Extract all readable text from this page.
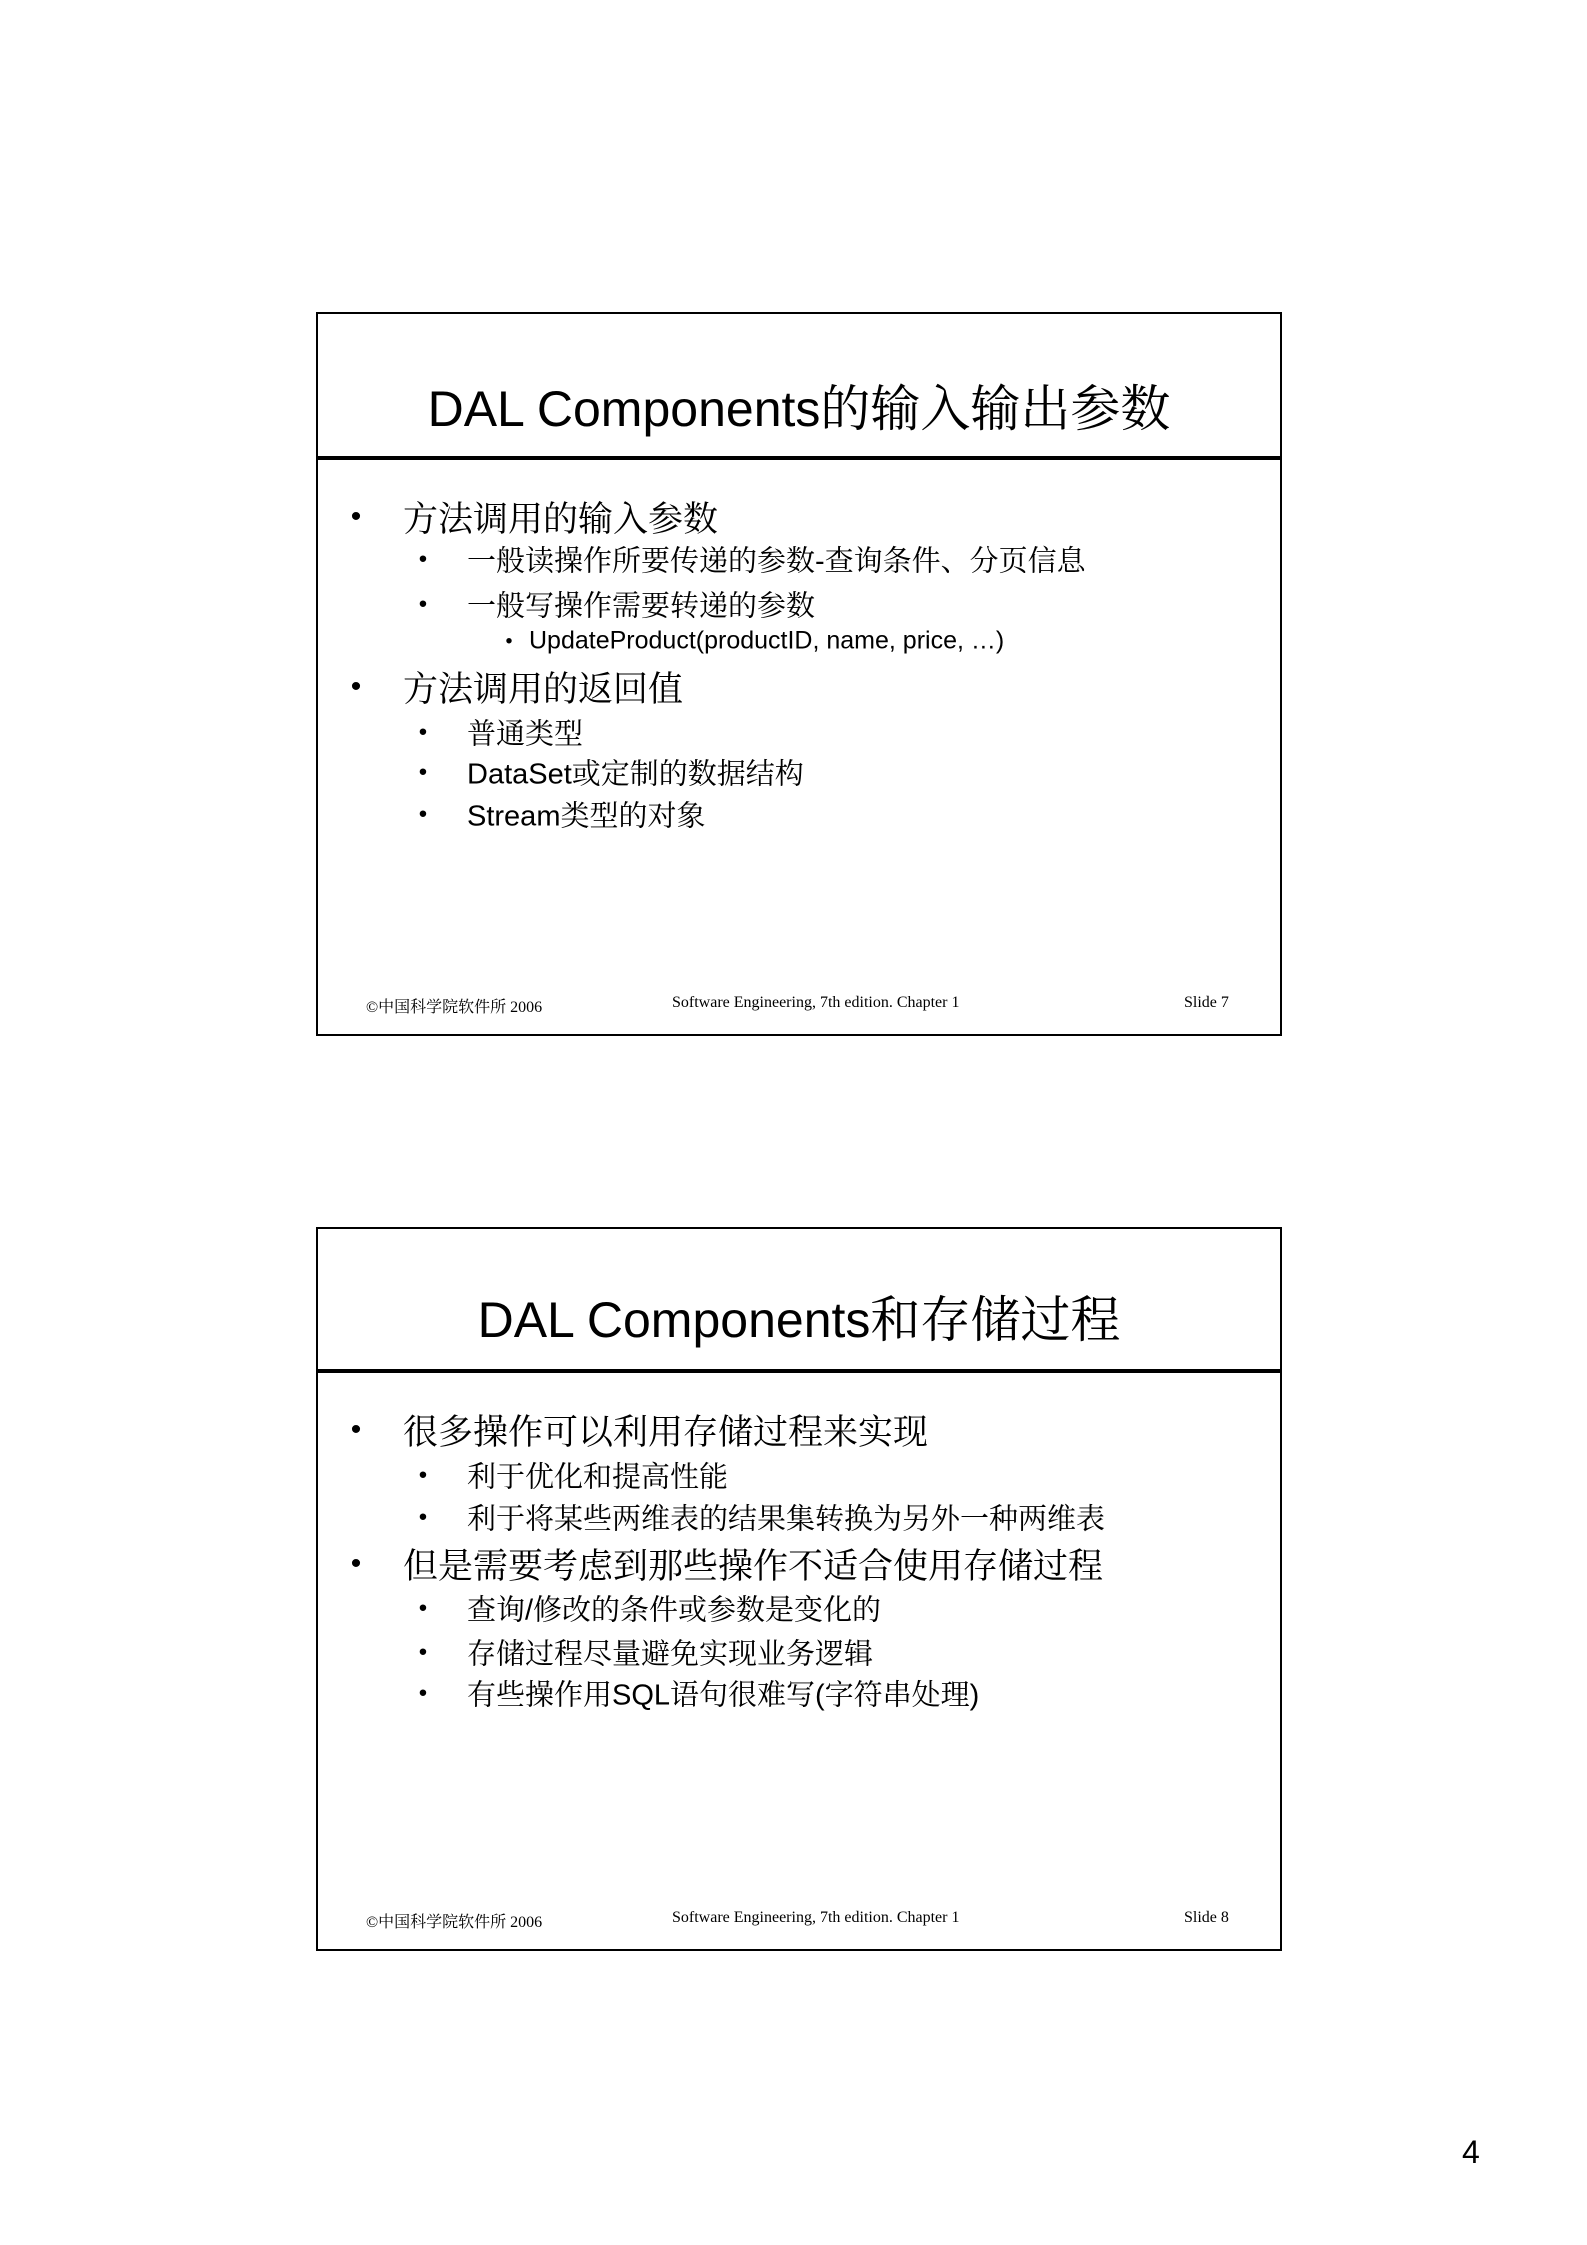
DAL Components的输入输出参数
• 方法调用的输入参数
• 一般读操作所要传递的参数-查询条件、分页信息
• 一般写操作需要转递的参数
• UpdateProduct(productID, name, price, …)
• 方法调用的返回值
• 普通类型
• DataSet或定制的数据结构
• Stream类型的对象
©中国科学院软件所 2006	Software Engineering, 7th edition. Chapter 1	Slide 7
DAL Components和存储过程
• 很多操作可以利用存储过程来实现
• 利于优化和提高性能
• 利于将某些两维表的结果集转换为另外一种两维表
• 但是需要考虑到那些操作不适合使用存储过程
• 查询/修改的条件或参数是变化的
• 存储过程尽量避免实现业务逻辑
• 有些操作用SQL语句很难写(字符串处理)
©中国科学院软件所 2006	Software Engineering, 7th edition. Chapter 1	Slide 8
4
